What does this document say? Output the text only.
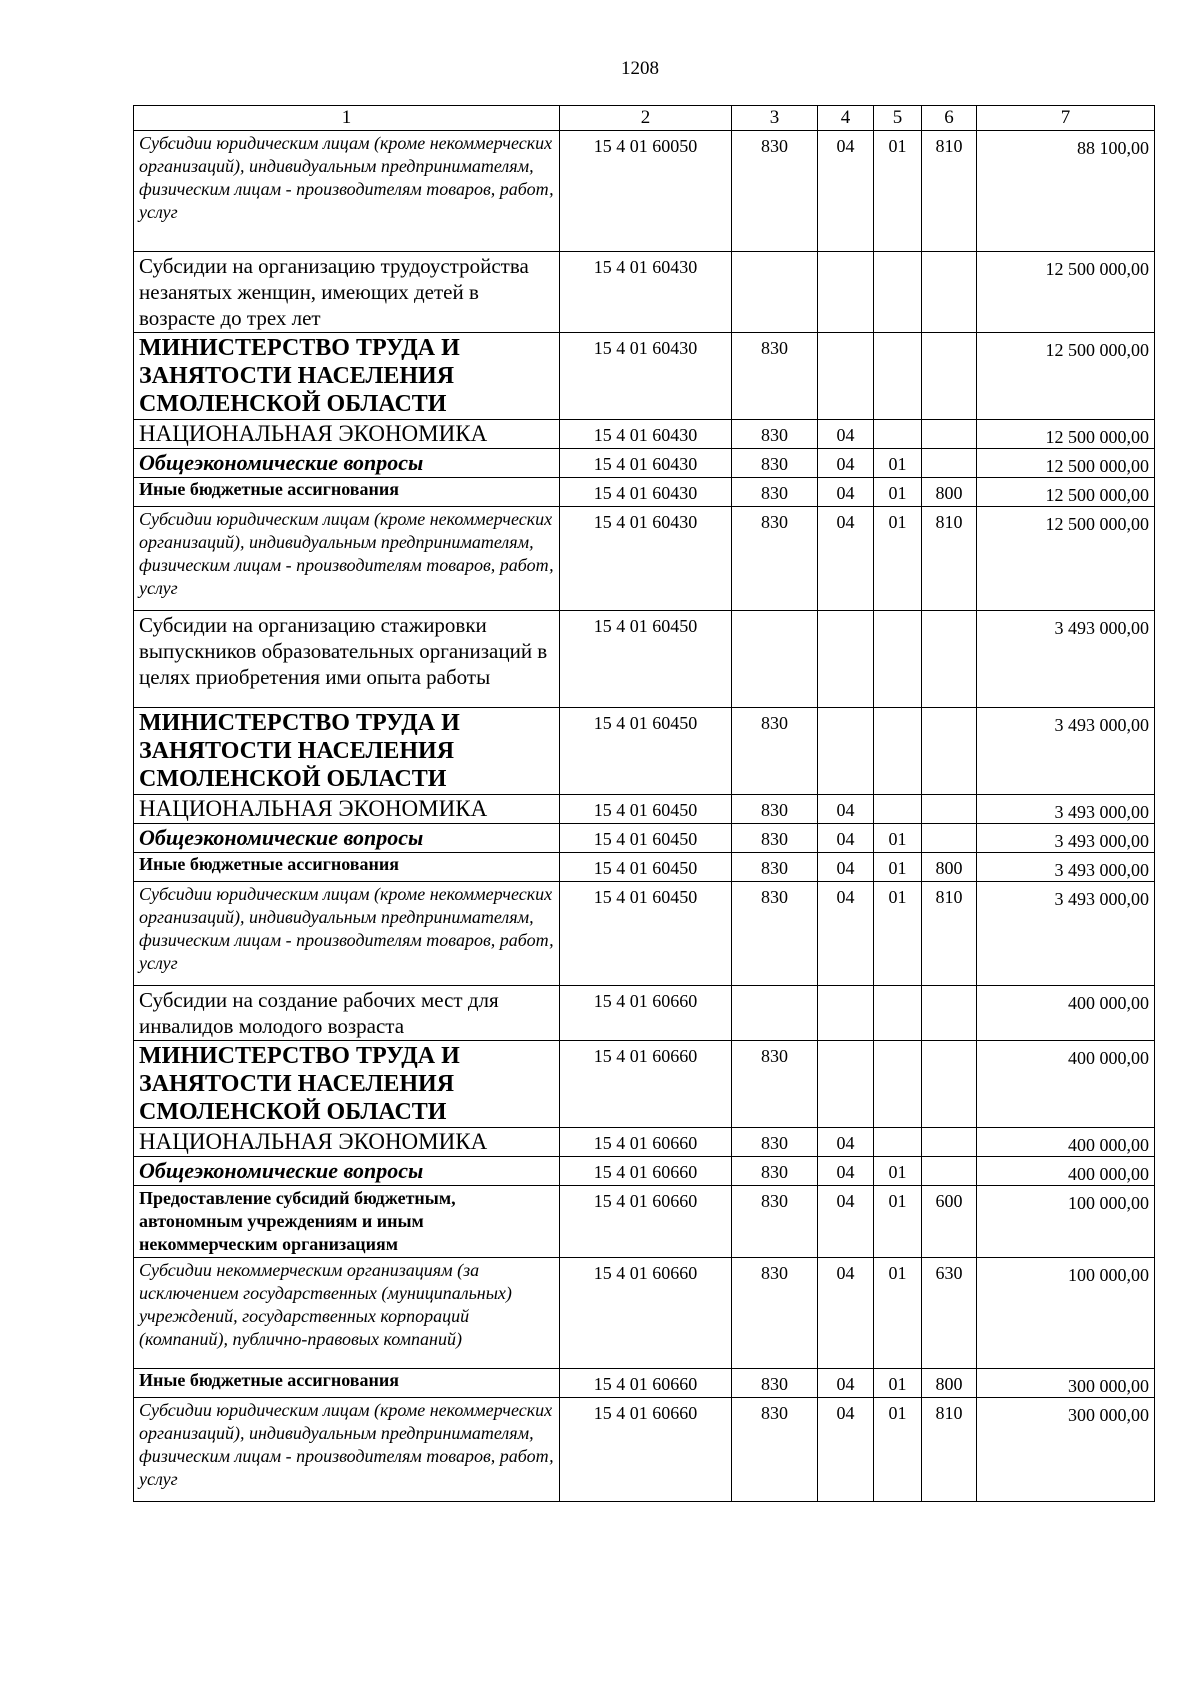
1208
1	2	3	4	5	6	7
Субсидии юридическим лицам (кроме некоммерческих организаций), индивидуальным предпринимателям, физическим лицам - производителям товаров, работ, услуг	15 4 01 60050	830	04	01	810	88 100,00
Субсидии на организацию трудоустройства незанятых женщин, имеющих детей в возрасте до трех лет	15 4 01 60430					12 500 000,00
МИНИСТЕРСТВО ТРУДА И ЗАНЯТОСТИ НАСЕЛЕНИЯ СМОЛЕНСКОЙ ОБЛАСТИ	15 4 01 60430	830				12 500 000,00
НАЦИОНАЛЬНАЯ ЭКОНОМИКА	15 4 01 60430	830	04			12 500 000,00
Общеэкономические вопросы	15 4 01 60430	830	04	01		12 500 000,00
Иные бюджетные ассигнования	15 4 01 60430	830	04	01	800	12 500 000,00
Субсидии юридическим лицам (кроме некоммерческих организаций), индивидуальным предпринимателям, физическим лицам - производителям товаров, работ, услуг	15 4 01 60430	830	04	01	810	12 500 000,00
Субсидии на организацию стажировки выпускников образовательных организаций в целях приобретения ими опыта работы	15 4 01 60450					3 493 000,00
МИНИСТЕРСТВО ТРУДА И ЗАНЯТОСТИ НАСЕЛЕНИЯ СМОЛЕНСКОЙ ОБЛАСТИ	15 4 01 60450	830				3 493 000,00
НАЦИОНАЛЬНАЯ ЭКОНОМИКА	15 4 01 60450	830	04			3 493 000,00
Общеэкономические вопросы	15 4 01 60450	830	04	01		3 493 000,00
Иные бюджетные ассигнования	15 4 01 60450	830	04	01	800	3 493 000,00
Субсидии юридическим лицам (кроме некоммерческих организаций), индивидуальным предпринимателям, физическим лицам - производителям товаров, работ, услуг	15 4 01 60450	830	04	01	810	3 493 000,00
Субсидии на создание рабочих мест для инвалидов молодого возраста	15 4 01 60660					400 000,00
МИНИСТЕРСТВО ТРУДА И ЗАНЯТОСТИ НАСЕЛЕНИЯ СМОЛЕНСКОЙ ОБЛАСТИ	15 4 01 60660	830				400 000,00
НАЦИОНАЛЬНАЯ ЭКОНОМИКА	15 4 01 60660	830	04			400 000,00
Общеэкономические вопросы	15 4 01 60660	830	04	01		400 000,00
Предоставление субсидий бюджетным, автономным учреждениям и иным некоммерческим организациям	15 4 01 60660	830	04	01	600	100 000,00
Субсидии некоммерческим организациям (за исключением государственных (муниципальных) учреждений, государственных корпораций (компаний), публично-правовых компаний)	15 4 01 60660	830	04	01	630	100 000,00
Иные бюджетные ассигнования	15 4 01 60660	830	04	01	800	300 000,00
Субсидии юридическим лицам (кроме некоммерческих организаций), индивидуальным предпринимателям, физическим лицам - производителям товаров, работ, услуг	15 4 01 60660	830	04	01	810	300 000,00
